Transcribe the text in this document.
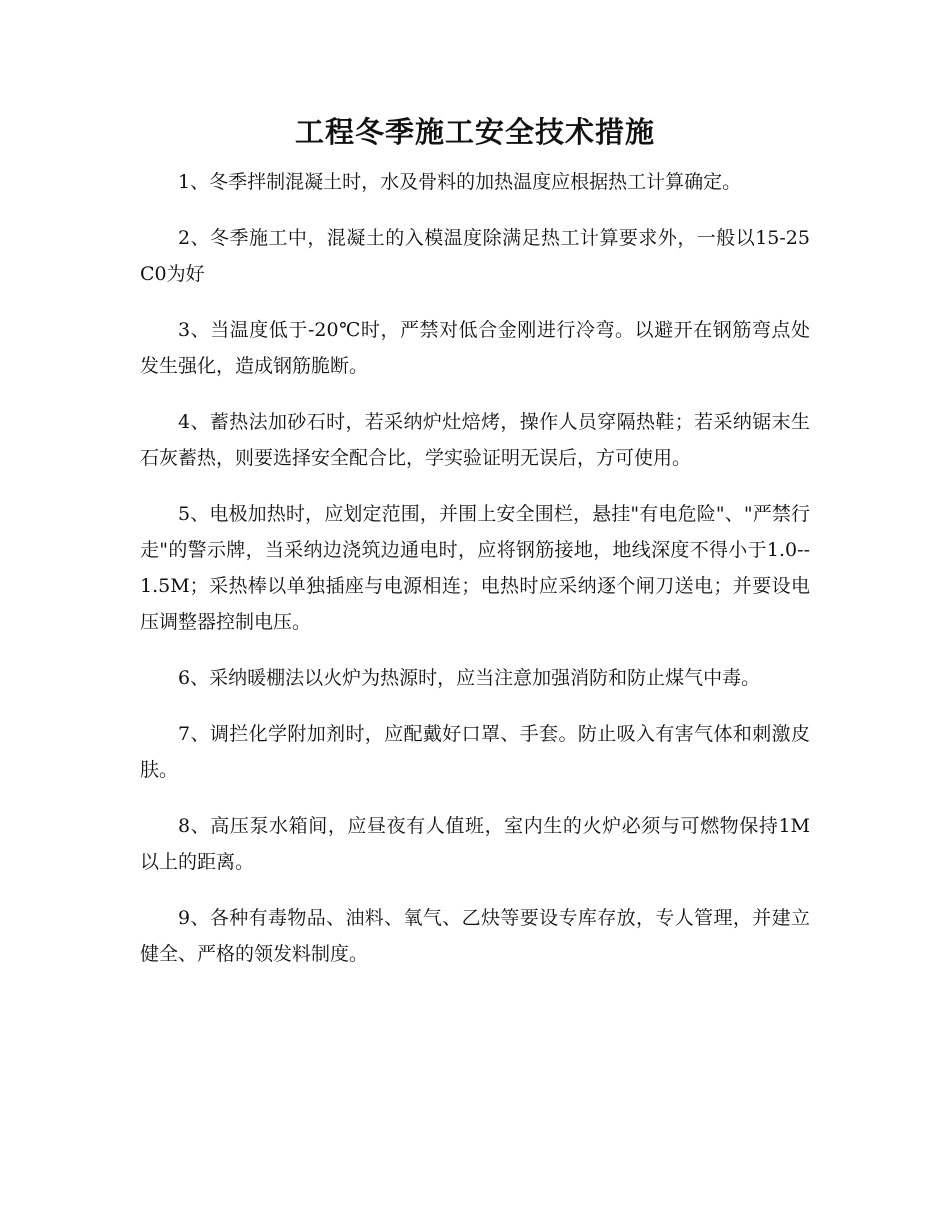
工程冬季施工安全技术措施

1、冬季拌制混凝土时，水及骨料的加热温度应根据热工计算确定。

2、冬季施工中，混凝土的入模温度除满足热工计算要求外，一般以15-25C0为好

3、当温度低于-20℃时，严禁对低合金刚进行冷弯。以避开在钢筋弯点处发生强化，造成钢筋脆断。

4、蓄热法加砂石时，若采纳炉灶焙烤，操作人员穿隔热鞋；若采纳锯末生石灰蓄热，则要选择安全配合比，学实验证明无误后，方可使用。

5、电极加热时，应划定范围，并围上安全围栏，悬挂"有电危险"、"严禁行走"的警示牌，当采纳边浇筑边通电时，应将钢筋接地，地线深度不得小于1.0--1.5M；采热棒以单独插座与电源相连；电热时应采纳逐个闸刀送电；并要设电压调整器控制电压。

6、采纳暖棚法以火炉为热源时，应当注意加强消防和防止煤气中毒。

7、调拦化学附加剂时，应配戴好口罩、手套。防止吸入有害气体和刺激皮肤。

8、高压泵水箱间，应昼夜有人值班，室内生的火炉必须与可燃物保持1M以上的距离。

9、各种有毒物品、油料、氧气、乙炔等要设专库存放，专人管理，并建立健全、严格的领发料制度。
